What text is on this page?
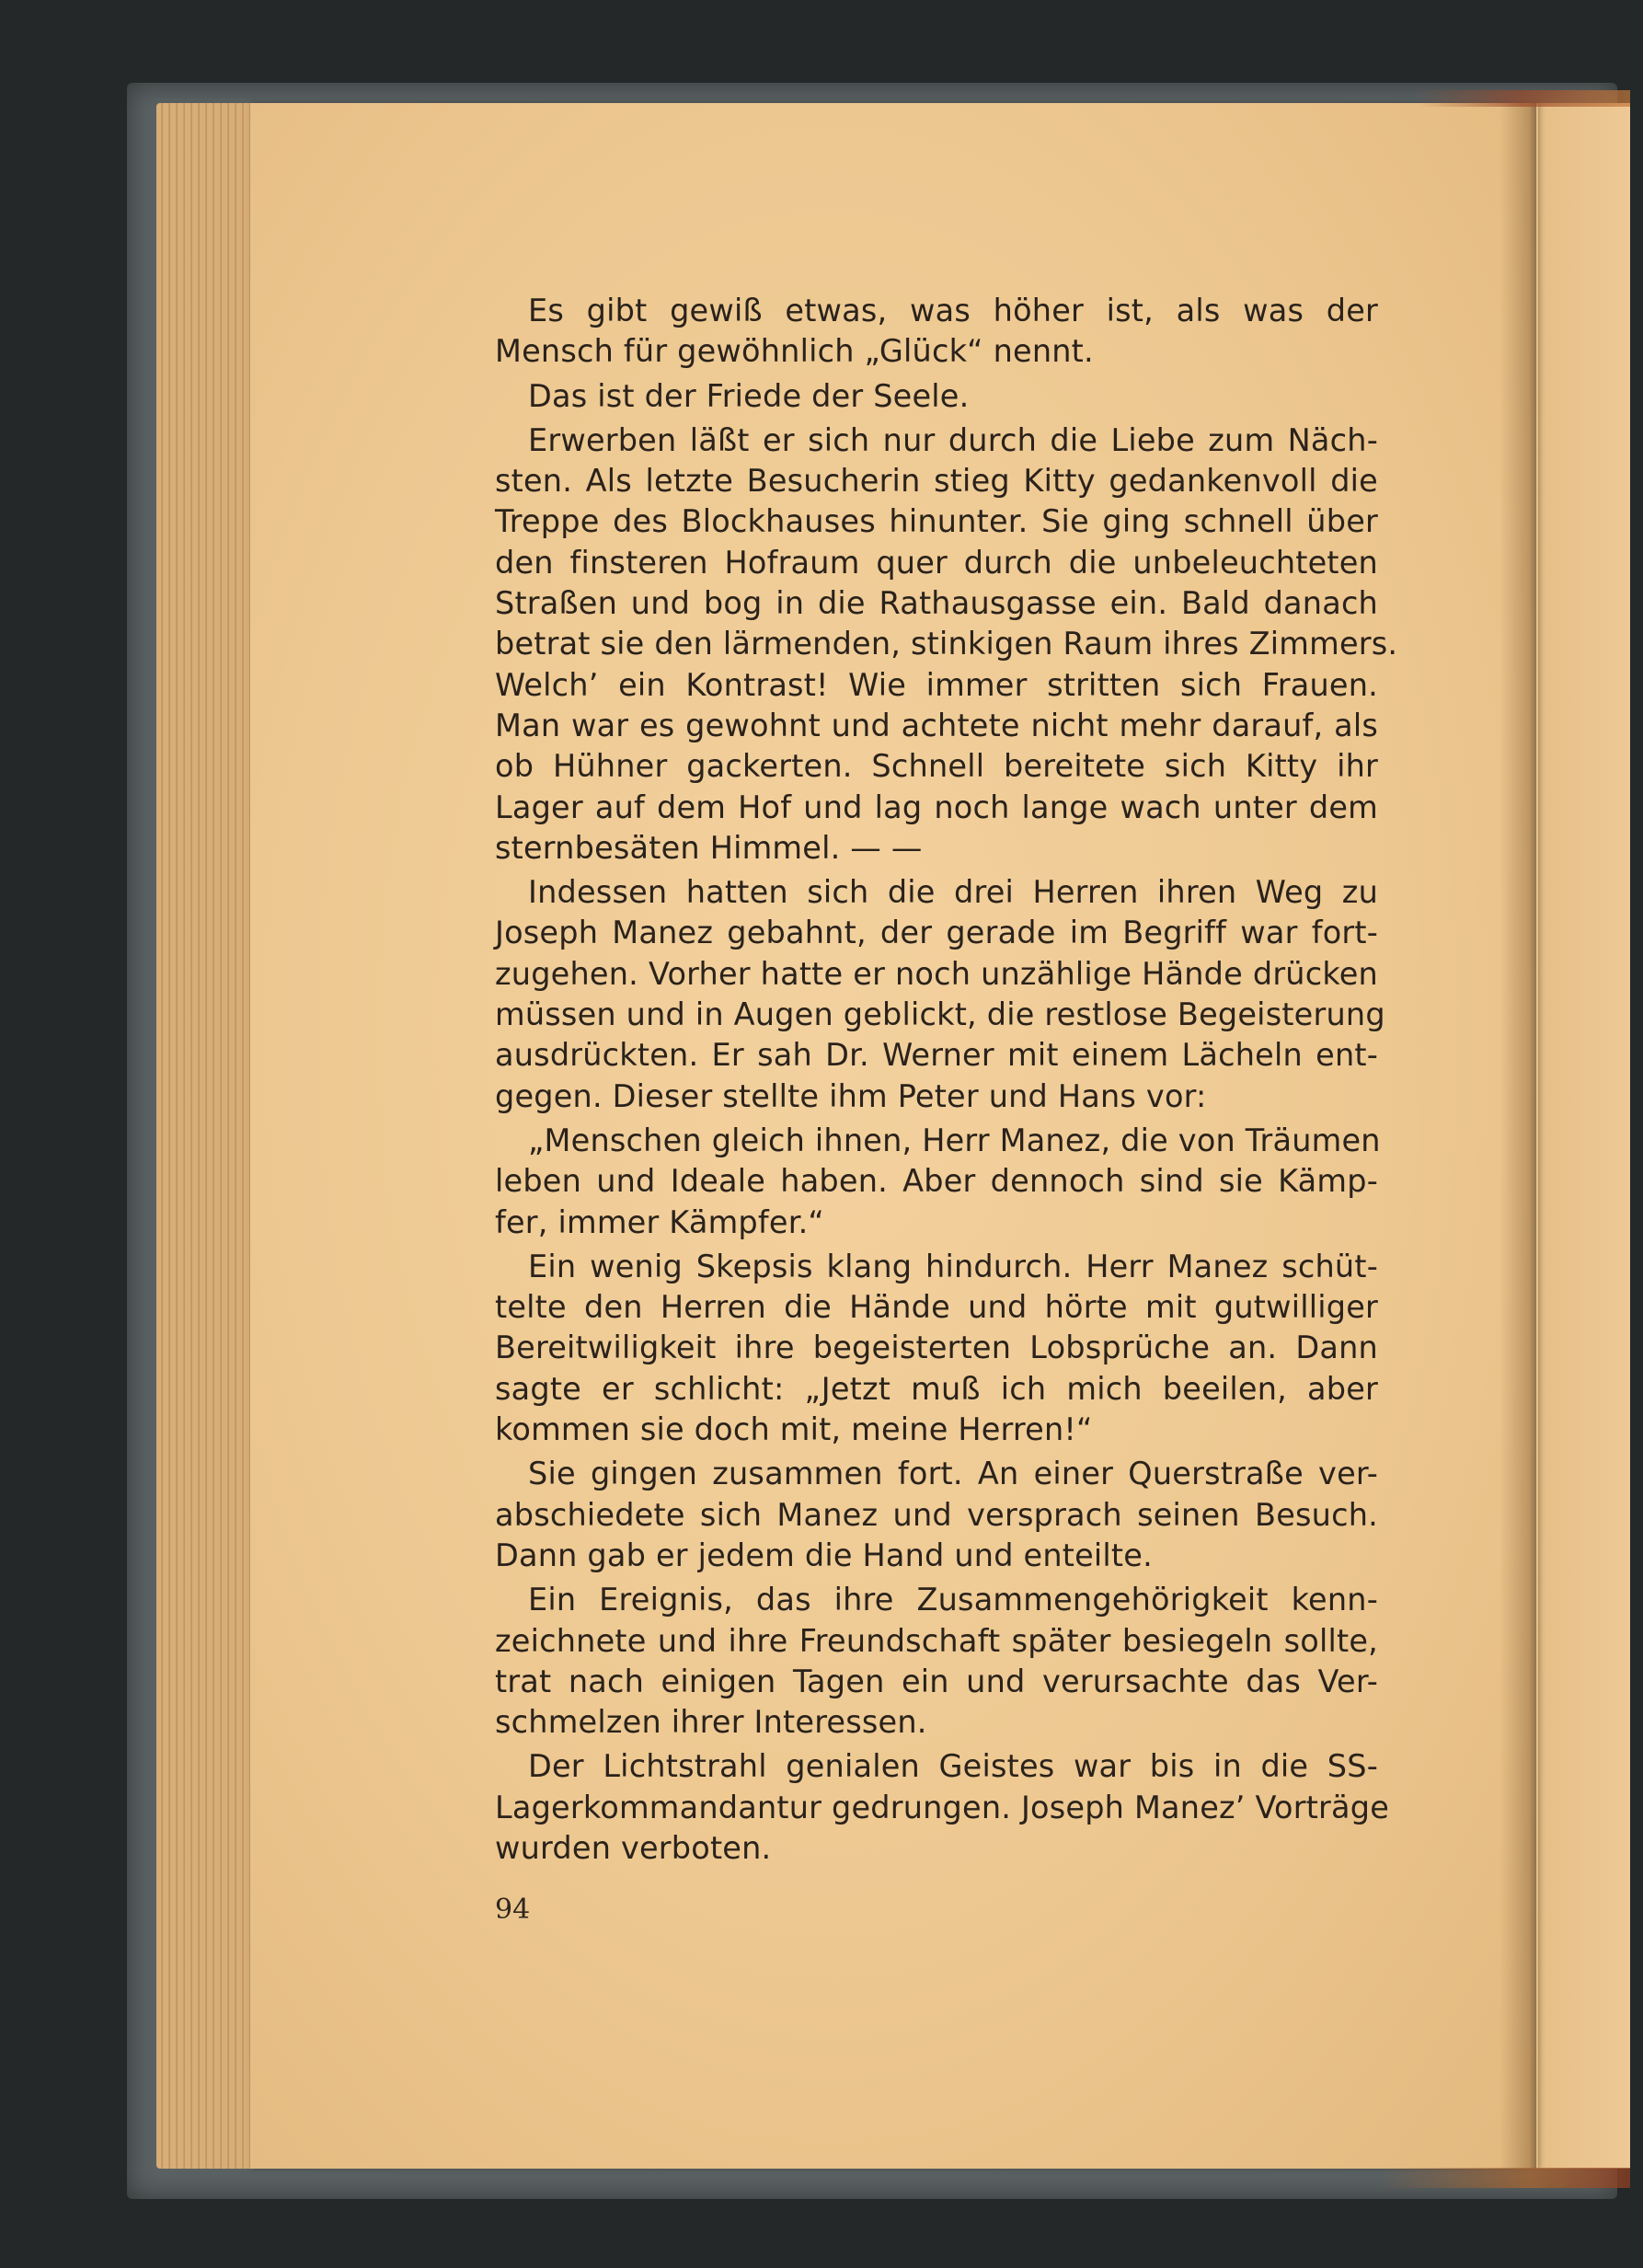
Es gibt gewiß etwas, was höher ist, als was der
Mensch für gewöhnlich „Glück“ nennt.
Das ist der Friede der Seele.
Erwerben läßt er sich nur durch die Liebe zum Näch-
sten. Als letzte Besucherin stieg Kitty gedankenvoll die
Treppe des Blockhauses hinunter. Sie ging schnell über
den finsteren Hofraum quer durch die unbeleuchteten
Straßen und bog in die Rathausgasse ein. Bald danach
betrat sie den lärmenden, stinkigen Raum ihres Zimmers.
Welch’ ein Kontrast! Wie immer stritten sich Frauen.
Man war es gewohnt und achtete nicht mehr darauf, als
ob Hühner gackerten. Schnell bereitete sich Kitty ihr
Lager auf dem Hof und lag noch lange wach unter dem
sternbesäten Himmel. — —
Indessen hatten sich die drei Herren ihren Weg zu
Joseph Manez gebahnt, der gerade im Begriff war fort-
zugehen. Vorher hatte er noch unzählige Hände drücken
müssen und in Augen geblickt, die restlose Begeisterung
ausdrückten. Er sah Dr. Werner mit einem Lächeln ent-
gegen. Dieser stellte ihm Peter und Hans vor:
„Menschen gleich ihnen, Herr Manez, die von Träumen
leben und Ideale haben. Aber dennoch sind sie Kämp-
fer, immer Kämpfer.“
Ein wenig Skepsis klang hindurch. Herr Manez schüt-
telte den Herren die Hände und hörte mit gutwilliger
Bereitwiligkeit ihre begeisterten Lobsprüche an. Dann
sagte er schlicht: „Jetzt muß ich mich beeilen, aber
kommen sie doch mit, meine Herren!“
Sie gingen zusammen fort. An einer Querstraße ver-
abschiedete sich Manez und versprach seinen Besuch.
Dann gab er jedem die Hand und enteilte.
Ein Ereignis, das ihre Zusammengehörigkeit kenn-
zeichnete und ihre Freundschaft später besiegeln sollte,
trat nach einigen Tagen ein und verursachte das Ver-
schmelzen ihrer Interessen.
Der Lichtstrahl genialen Geistes war bis in die SS-
Lagerkommandantur gedrungen. Joseph Manez’ Vorträge
wurden verboten.
94
